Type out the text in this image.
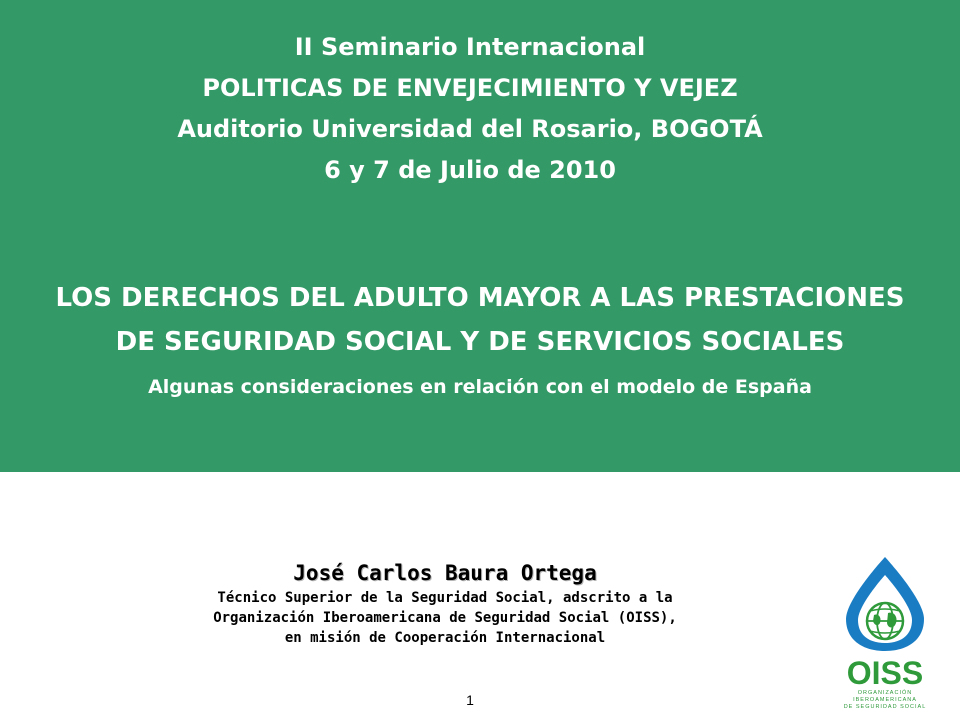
II Seminario Internacional
POLITICAS DE ENVEJECIMIENTO Y VEJEZ
Auditorio Universidad del Rosario, BOGOTÁ
6 y 7 de Julio de 2010
LOS DERECHOS DEL ADULTO MAYOR A LAS PRESTACIONES
DE SEGURIDAD SOCIAL Y DE SERVICIOS SOCIALES
Algunas consideraciones en relación con el modelo de España
José Carlos Baura Ortega
Técnico Superior de la Seguridad Social, adscrito a la
Organización Iberoamericana de Seguridad Social (OISS),
en misión de Cooperación Internacional
OISS
ORGANIZACIÓN
IBEROAMERICANA
DE SEGURIDAD SOCIAL
1
